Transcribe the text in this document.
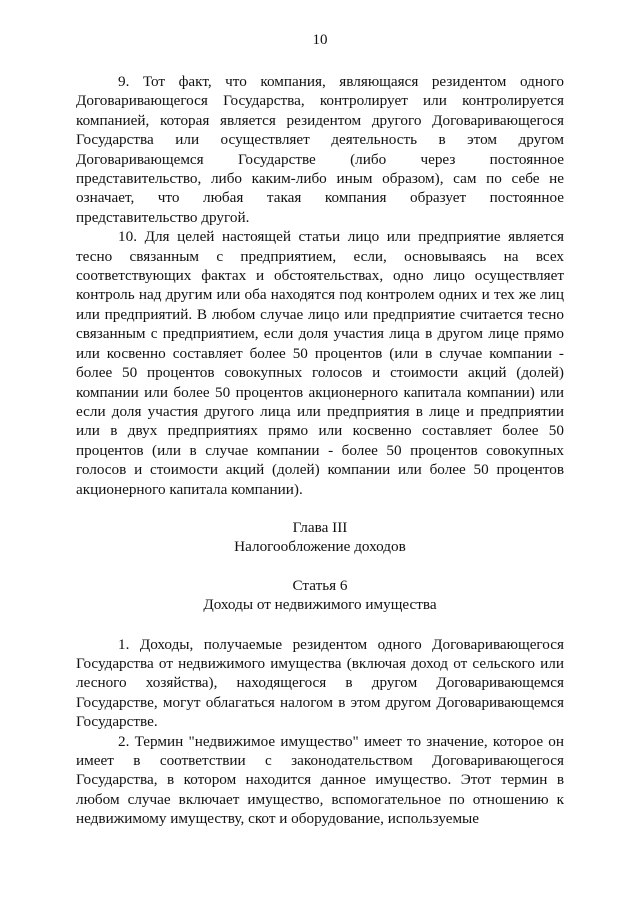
10

9. Тот факт, что компания, являющаяся резидентом одного Договаривающегося Государства, контролирует или контролируется компанией, которая является резидентом другого Договаривающегося Государства или осуществляет деятельность в этом другом Договаривающемся Государстве (либо через постоянное представительство, либо каким-либо иным образом), сам по себе не означает, что любая такая компания образует постоянное представительство другой.

10. Для целей настоящей статьи лицо или предприятие является тесно связанным с предприятием, если, основываясь на всех соответствующих фактах и обстоятельствах, одно лицо осуществляет контроль над другим или оба находятся под контролем одних и тех же лиц или предприятий. В любом случае лицо или предприятие считается тесно связанным с предприятием, если доля участия лица в другом лице прямо или косвенно составляет более 50 процентов (или в случае компании - более 50 процентов совокупных голосов и стоимости акций (долей) компании или более 50 процентов акционерного капитала компании) или если доля участия другого лица или предприятия в лице и предприятии или в двух предприятиях прямо или косвенно составляет более 50 процентов (или в случае компании - более 50 процентов совокупных голосов и стоимости акций (долей) компании или более 50 процентов акционерного капитала компании).

Глава III
Налогообложение доходов
Статья 6
Доходы от недвижимого имущества

1. Доходы, получаемые резидентом одного Договаривающегося Государства от недвижимого имущества (включая доход от сельского или лесного хозяйства), находящегося в другом Договаривающемся Государстве, могут облагаться налогом в этом другом Договаривающемся Государстве.

2. Термин "недвижимое имущество" имеет то значение, которое он имеет в соответствии с законодательством Договаривающегося Государства, в котором находится данное имущество. Этот термин в любом случае включает имущество, вспомогательное по отношению к недвижимому имуществу, скот и оборудование, используемые
